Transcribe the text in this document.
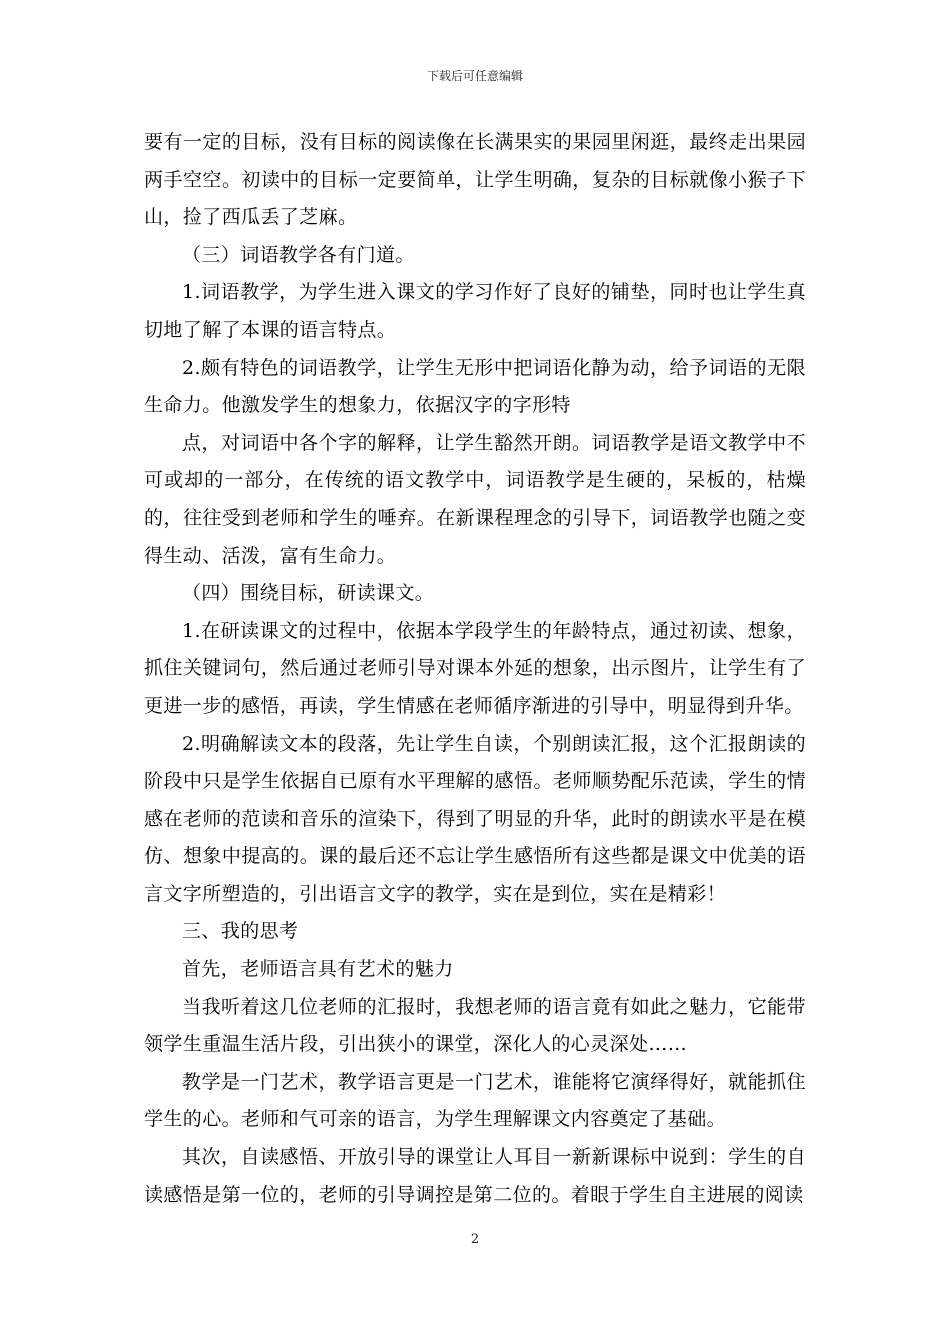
下载后可任意编辑

要有一定的目标，没有目标的阅读像在长满果实的果园里闲逛，最终走出果园两手空空。初读中的目标一定要简单，让学生明确，复杂的目标就像小猴子下山，捡了西瓜丢了芝麻。

（三）词语教学各有门道。

1.词语教学，为学生进入课文的学习作好了良好的铺垫，同时也让学生真切地了解了本课的语言特点。

2.颇有特色的词语教学，让学生无形中把词语化静为动，给予词语的无限生命力。他激发学生的想象力，依据汉字的字形特

点，对词语中各个字的解释，让学生豁然开朗。词语教学是语文教学中不可或却的一部分，在传统的语文教学中，词语教学是生硬的，呆板的，枯燥的，往往受到老师和学生的唾弃。在新课程理念的引导下，词语教学也随之变得生动、活泼，富有生命力。

（四）围绕目标，研读课文。

1.在研读课文的过程中，依据本学段学生的年龄特点，通过初读、想象，抓住关键词句，然后通过老师引导对课本外延的想象，出示图片，让学生有了更进一步的感悟，再读，学生情感在老师循序渐进的引导中，明显得到升华。

2.明确解读文本的段落，先让学生自读，个别朗读汇报，这个汇报朗读的阶段中只是学生依据自已原有水平理解的感悟。老师顺势配乐范读，学生的情感在老师的范读和音乐的渲染下，得到了明显的升华，此时的朗读水平是在模仿、想象中提高的。课的最后还不忘让学生感悟所有这些都是课文中优美的语言文字所塑造的，引出语言文字的教学，实在是到位，实在是精彩！

三、我的思考

首先，老师语言具有艺术的魅力

当我听着这几位老师的汇报时，我想老师的语言竟有如此之魅力，它能带领学生重温生活片段，引出狭小的课堂，深化人的心灵深处……

教学是一门艺术，教学语言更是一门艺术，谁能将它演绎得好，就能抓住学生的心。老师和气可亲的语言，为学生理解课文内容奠定了基础。

其次，自读感悟、开放引导的课堂让人耳目一新新课标中说到：学生的自读感悟是第一位的，老师的引导调控是第二位的。着眼于学生自主进展的阅读

2
